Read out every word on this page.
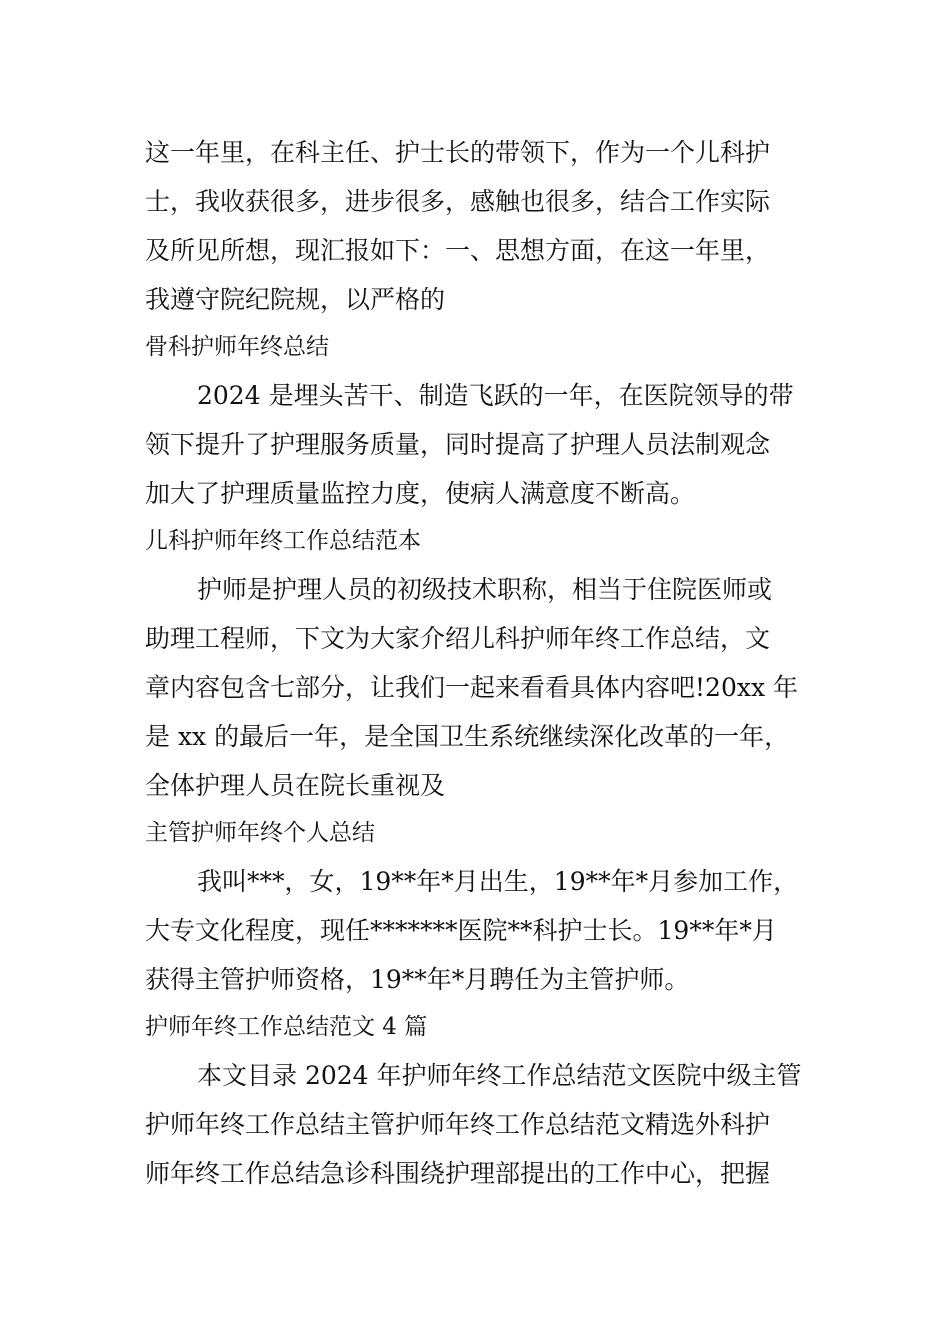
这一年里，在科主任、护士长的带领下，作为一个儿科护
士，我收获很多，进步很多，感触也很多，结合工作实际
及所见所想，现汇报如下：一、思想方面，在这一年里，
我遵守院纪院规，以严格的
骨科护师年终总结
2024 是埋头苦干、制造飞跃的一年，在医院领导的带
领下提升了护理服务质量，同时提高了护理人员法制观念
加大了护理质量监控力度，使病人满意度不断高。
儿科护师年终工作总结范本
护师是护理人员的初级技术职称，相当于住院医师或
助理工程师，下文为大家介绍儿科护师年终工作总结，文
章内容包含七部分，让我们一起来看看具体内容吧!20xx 年
是 xx 的最后一年，是全国卫生系统继续深化改革的一年，
全体护理人员在院长重视及
主管护师年终个人总结
我叫***，女，19**年*月出生，19**年*月参加工作，
大专文化程度，现任*******医院**科护士长。19**年*月
获得主管护师资格，19**年*月聘任为主管护师。
护师年终工作总结范文 4 篇
本文目录 2024 年护师年终工作总结范文医院中级主管
护师年终工作总结主管护师年终工作总结范文精选外科护
师年终工作总结急诊科围绕护理部提出的工作中心，把握
